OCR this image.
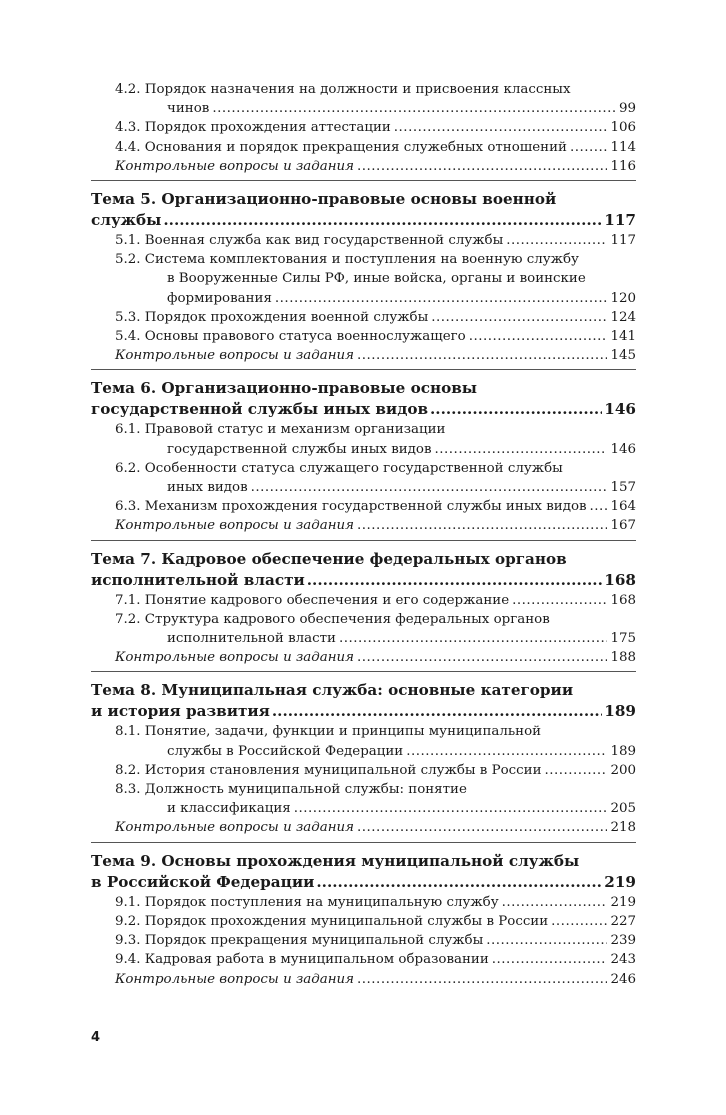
4.2. Порядок назначения на должности и присвоения классных
чинов .....	99
4.3. Порядок прохождения аттестации .....	106
4.4. Основания и порядок прекращения служебных отношений .....	114
Контрольные вопросы и задания .....	116
Тема 5. Организационно-правовые основы военной
службы .....	117
5.1. Военная служба как вид государственной службы .....	117
5.2. Система комплектования и поступления на военную службу
в Вооруженные Силы РФ, иные войска, органы и воинские
формирования .....	120
5.3. Порядок прохождения военной службы .....	124
5.4. Основы правового статуса военнослужащего .....	141
Контрольные вопросы и задания .....	145
Тема 6. Организационно-правовые основы
государственной службы иных видов .....	146
6.1. Правовой статус и механизм организации
государственной службы иных видов .....	146
6.2. Особенности статуса служащего государственной службы
иных видов .....	157
6.3. Механизм прохождения государственной службы иных видов ..... 164
Контрольные вопросы и задания .....	167
Тема 7. Кадровое обеспечение федеральных органов
исполнительной власти .....	168
7.1. Понятие кадрового обеспечения и его содержание .....	168
7.2. Структура кадрового обеспечения федеральных органов
исполнительной власти .....	175
Контрольные вопросы и задания .....	188
Тема 8. Муниципальная служба: основные категории
и история развития .....	189
8.1. Понятие, задачи, функции и принципы муниципальной
службы в Российской Федерации .....	189
8.2. История становления муниципальной службы в России .....	200
8.3. Должность муниципальной службы: понятие
и классификация .....	205
Контрольные вопросы и задания .....	218
Тема 9. Основы прохождения муниципальной службы
в Российской Федерации .....	219
9.1. Порядок поступления на муниципальную службу .....	219
9.2. Порядок прохождения муниципальной службы в России .....	227
9.3. Порядок прекращения муниципальной службы .....	239
9.4. Кадровая работа в муниципальном образовании .....	243
Контрольные вопросы и задания .....	246
4
